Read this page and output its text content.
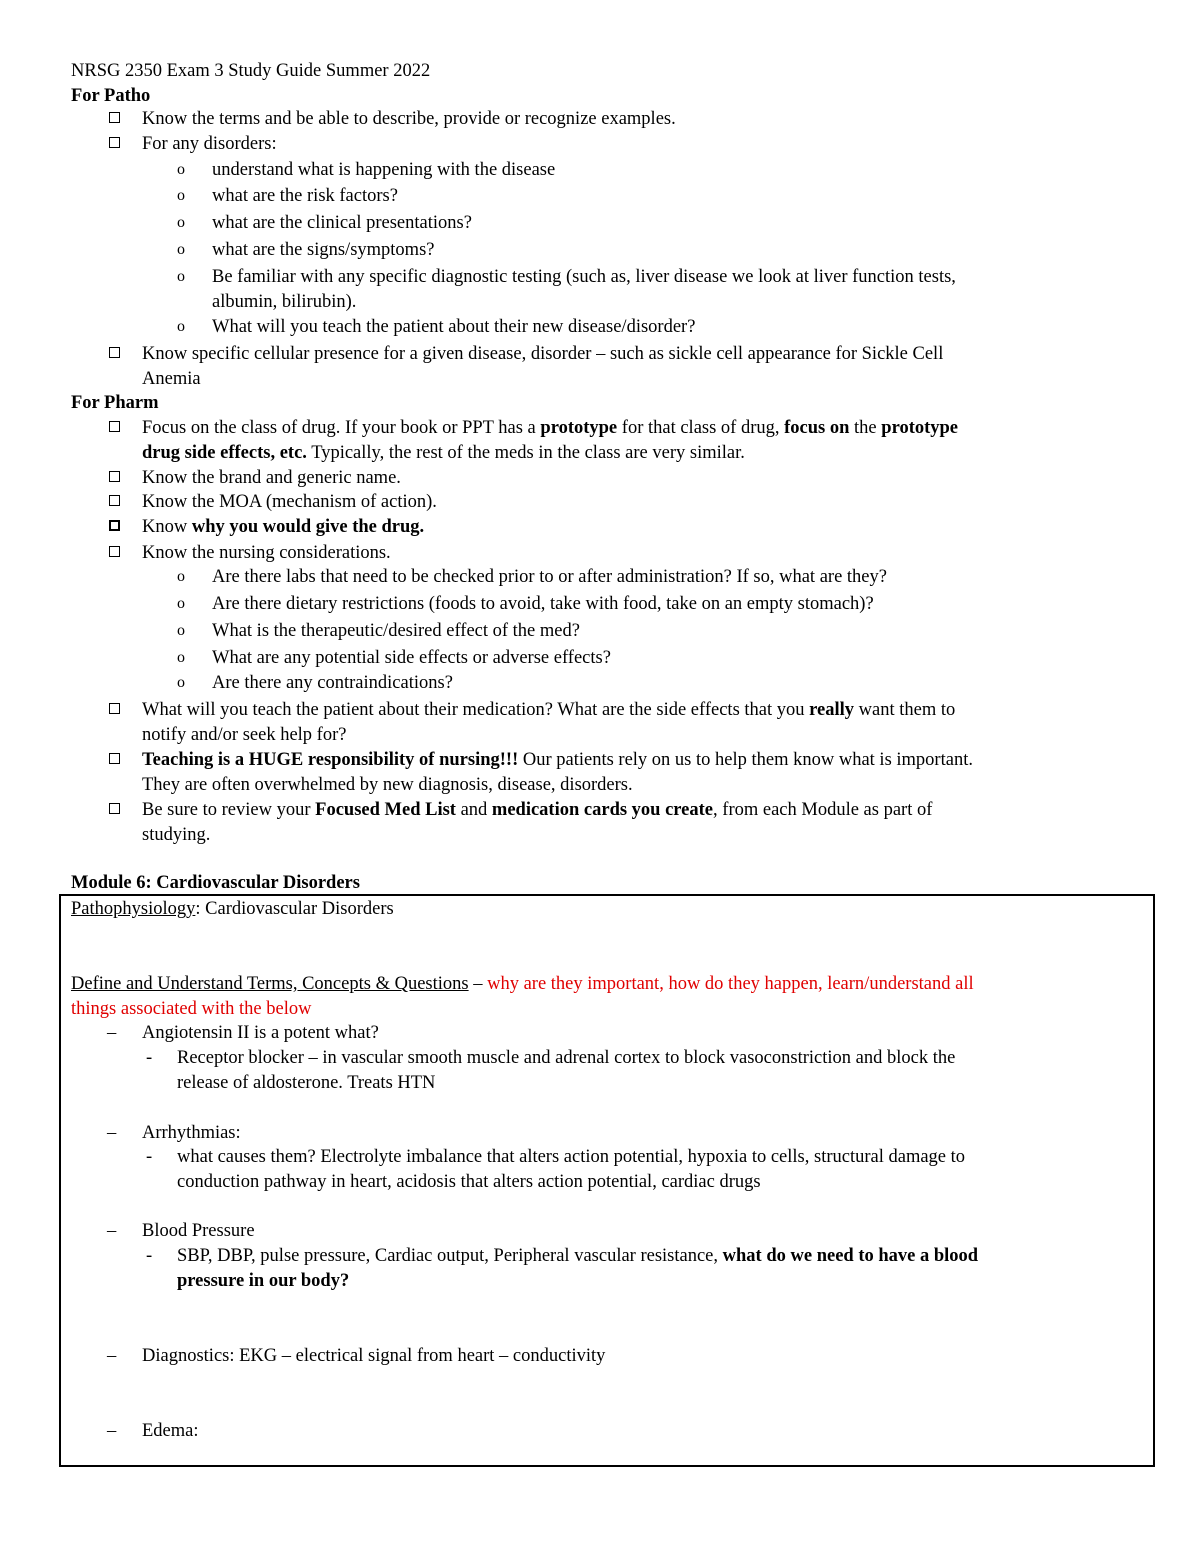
NRSG 2350 Exam 3 Study Guide Summer 2022
For Patho
Know the terms and be able to describe, provide or recognize examples.
For any disorders:
o understand what is happening with the disease
o what are the risk factors?
o what are the clinical presentations?
o what are the signs/symptoms?
o Be familiar with any specific diagnostic testing (such as, liver disease we look at liver function tests,
albumin, bilirubin).
o What will you teach the patient about their new disease/disorder?
Know specific cellular presence for a given disease, disorder – such as sickle cell appearance for Sickle Cell
Anemia
For Pharm
Focus on the class of drug. If your book or PPT has a prototype for that class of drug, focus on the prototype
drug side effects, etc. Typically, the rest of the meds in the class are very similar.
Know the brand and generic name.
Know the MOA (mechanism of action).
Know why you would give the drug.
Know the nursing considerations.
o Are there labs that need to be checked prior to or after administration? If so, what are they?
o Are there dietary restrictions (foods to avoid, take with food, take on an empty stomach)?
o What is the therapeutic/desired effect of the med?
o What are any potential side effects or adverse effects?
o Are there any contraindications?
What will you teach the patient about their medication? What are the side effects that you really want them to
notify and/or seek help for?
Teaching is a HUGE responsibility of nursing!!! Our patients rely on us to help them know what is important.
They are often overwhelmed by new diagnosis, disease, disorders.
Be sure to review your Focused Med List and medication cards you create, from each Module as part of
studying.
Module 6: Cardiovascular Disorders
Pathophysiology: Cardiovascular Disorders
Define and Understand Terms, Concepts & Questions – why are they important, how do they happen, learn/understand all
things associated with the below
– Angiotensin II is a potent what?
- Receptor blocker – in vascular smooth muscle and adrenal cortex to block vasoconstriction and block the
release of aldosterone. Treats HTN
– Arrhythmias:
- what causes them? Electrolyte imbalance that alters action potential, hypoxia to cells, structural damage to
conduction pathway in heart, acidosis that alters action potential, cardiac drugs
– Blood Pressure
- SBP, DBP, pulse pressure, Cardiac output, Peripheral vascular resistance, what do we need to have a blood
pressure in our body?
– Diagnostics: EKG – electrical signal from heart – conductivity
– Edema:
